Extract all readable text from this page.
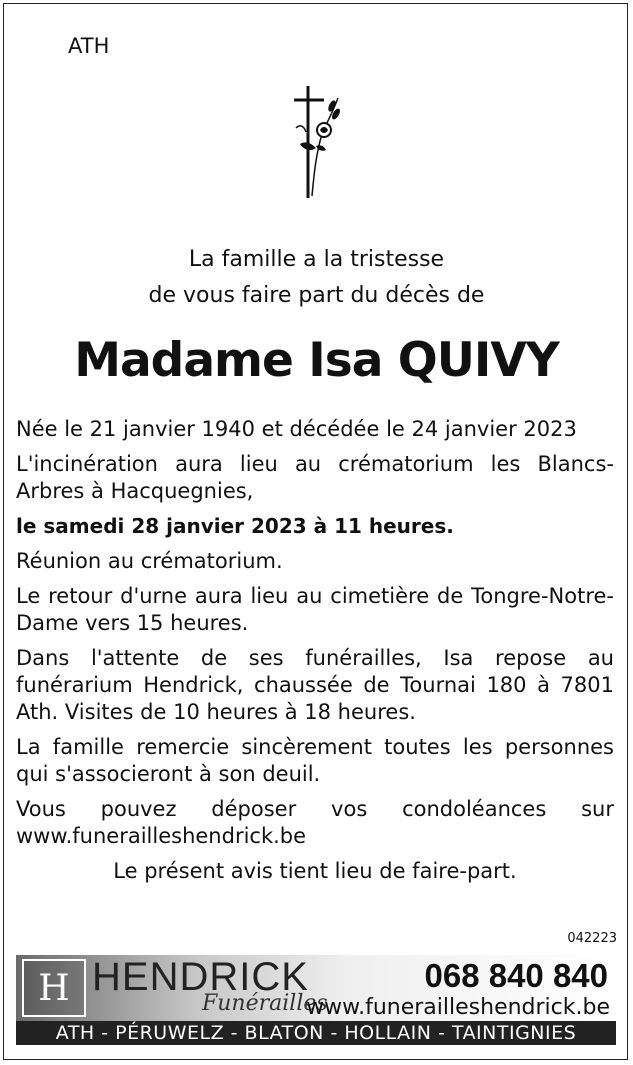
ATH
La famille a la tristesse
de vous faire part du décès de
Madame Isa QUIVY

Née le 21 janvier 1940 et décédée le 24 janvier 2023

L'incinération aura lieu au crématorium les Blancs-Arbres à Hacquegnies,

le samedi 28 janvier 2023 à 11 heures.

Réunion au crématorium.

Le retour d'urne aura lieu au cimetière de Tongre-Notre-Dame vers 15 heures.

Dans l'attente de ses funérailles, Isa repose au funérarium Hendrick, chaussée de Tournai 180 à 7801 Ath. Visites de 10 heures à 18 heures.

La famille remercie sincèrement toutes les personnes qui s'associeront à son deuil.

Vous pouvez déposer vos condoléances sur www.funerailleshendrick.be

Le présent avis tient lieu de faire-part.

042223
H HENDRICK
Funérailles
068 840 840
www.funerailleshendrick.be
ATH - PÉRUWELZ - BLATON - HOLLAIN - TAINTIGNIES
